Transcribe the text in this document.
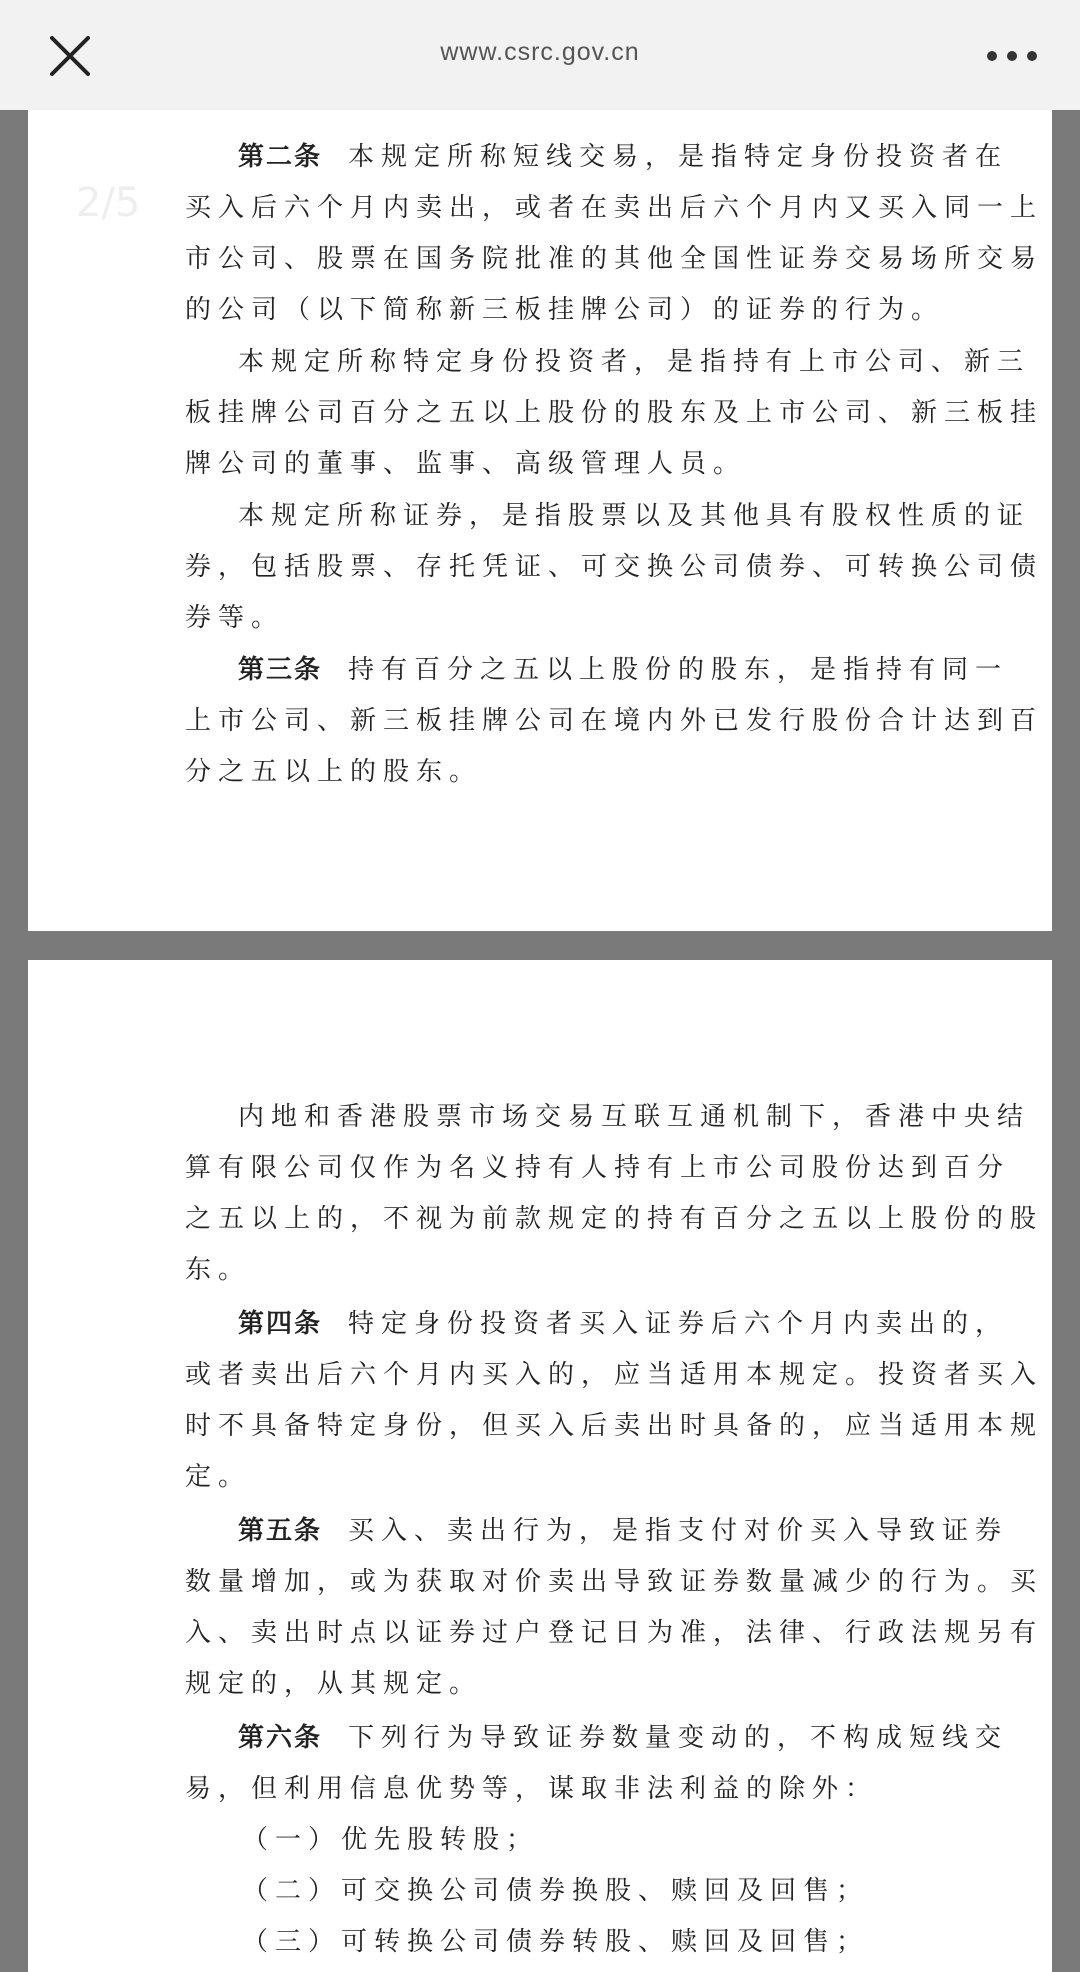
www.csrc.gov.cn
2/5
第二条 本规定所称短线交易，是指特定身份投资者在
买入后六个月内卖出，或者在卖出后六个月内又买入同一上
市公司、股票在国务院批准的其他全国性证券交易场所交易
的公司（以下简称新三板挂牌公司）的证券的行为。
本规定所称特定身份投资者，是指持有上市公司、新三
板挂牌公司百分之五以上股份的股东及上市公司、新三板挂
牌公司的董事、监事、高级管理人员。
本规定所称证券，是指股票以及其他具有股权性质的证
券，包括股票、存托凭证、可交换公司债券、可转换公司债
券等。
第三条 持有百分之五以上股份的股东，是指持有同一
上市公司、新三板挂牌公司在境内外已发行股份合计达到百
分之五以上的股东。
内地和香港股票市场交易互联互通机制下，香港中央结
算有限公司仅作为名义持有人持有上市公司股份达到百分
之五以上的，不视为前款规定的持有百分之五以上股份的股
东。
第四条 特定身份投资者买入证券后六个月内卖出的，
或者卖出后六个月内买入的，应当适用本规定。投资者买入
时不具备特定身份，但买入后卖出时具备的，应当适用本规
定。
第五条 买入、卖出行为，是指支付对价买入导致证券
数量增加，或为获取对价卖出导致证券数量减少的行为。买
入、卖出时点以证券过户登记日为准，法律、行政法规另有
规定的，从其规定。
第六条 下列行为导致证券数量变动的，不构成短线交
易，但利用信息优势等，谋取非法利益的除外：
（一）优先股转股；
（二）可交换公司债券换股、赎回及回售；
（三）可转换公司债券转股、赎回及回售；
